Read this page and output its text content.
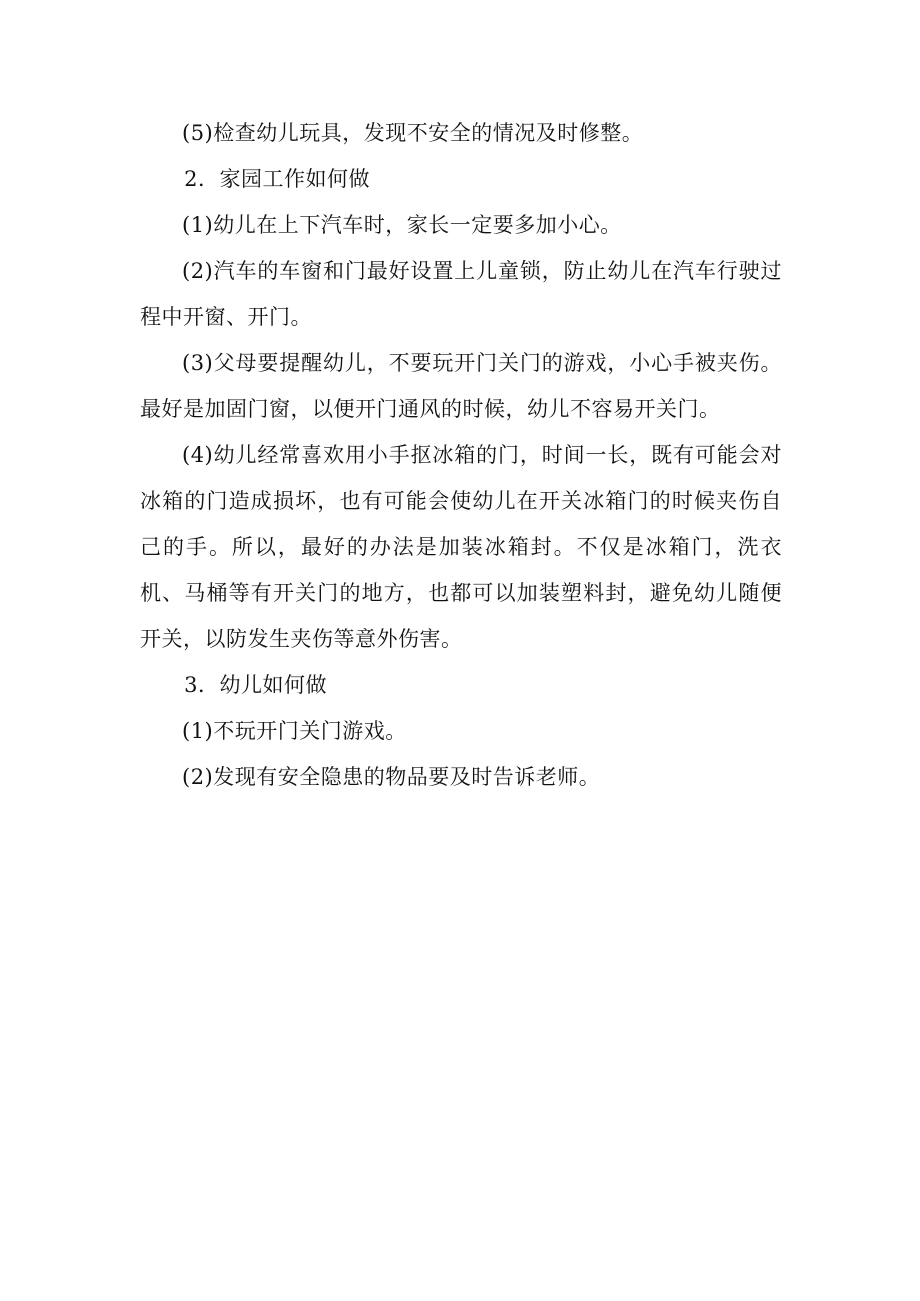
(5)检查幼儿玩具，发现不安全的情况及时修整。

2．家园工作如何做

(1)幼儿在上下汽车时，家长一定要多加小心。

(2)汽车的车窗和门最好设置上儿童锁，防止幼儿在汽车行驶过程中开窗、开门。

(3)父母要提醒幼儿，不要玩开门关门的游戏，小心手被夹伤。最好是加固门窗，以便开门通风的时候，幼儿不容易开关门。

(4)幼儿经常喜欢用小手抠冰箱的门，时间一长，既有可能会对冰箱的门造成损坏，也有可能会使幼儿在开关冰箱门的时候夹伤自己的手。所以，最好的办法是加装冰箱封。不仅是冰箱门，洗衣机、马桶等有开关门的地方，也都可以加装塑料封，避免幼儿随便开关，以防发生夹伤等意外伤害。

3．幼儿如何做

(1)不玩开门关门游戏。

(2)发现有安全隐患的物品要及时告诉老师。
